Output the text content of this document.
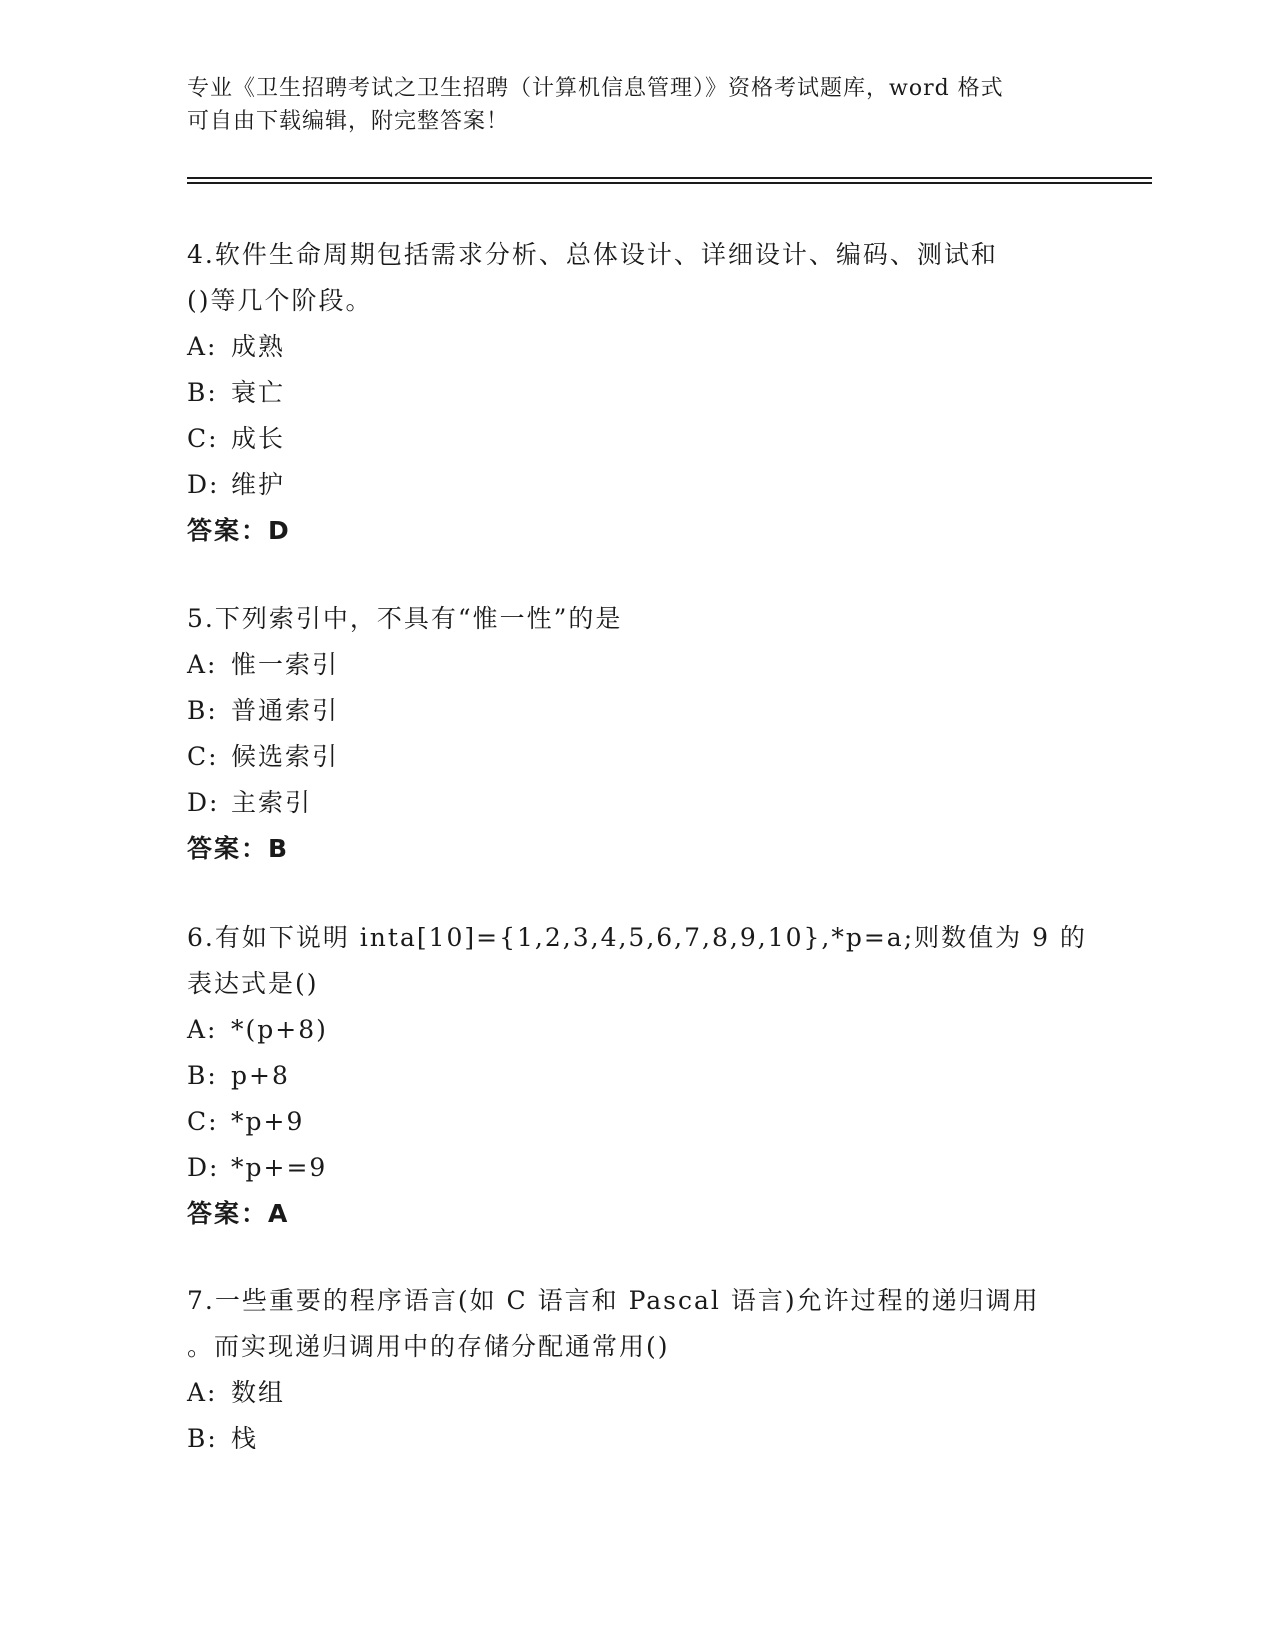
专业《卫生招聘考试之卫生招聘（计算机信息管理）》资格考试题库，word 格式
可自由下载编辑，附完整答案！

4.软件生命周期包括需求分析、总体设计、详细设计、编码、测试和

()等几个阶段。

A: 成熟

B: 衰亡

C: 成长

D: 维护

答案：D

5.下列索引中，不具有“惟一性”的是

A: 惟一索引

B: 普通索引

C: 候选索引

D: 主索引

答案：B

6.有如下说明 inta[10]={1,2,3,4,5,6,7,8,9,10},*p=a;则数值为 9 的

表达式是()

A: *(p+8)

B: p+8

C: *p+9

D: *p+=9

答案：A

7.一些重要的程序语言(如 C 语言和 Pascal 语言)允许过程的递归调用

。而实现递归调用中的存储分配通常用()

A: 数组

B: 栈
